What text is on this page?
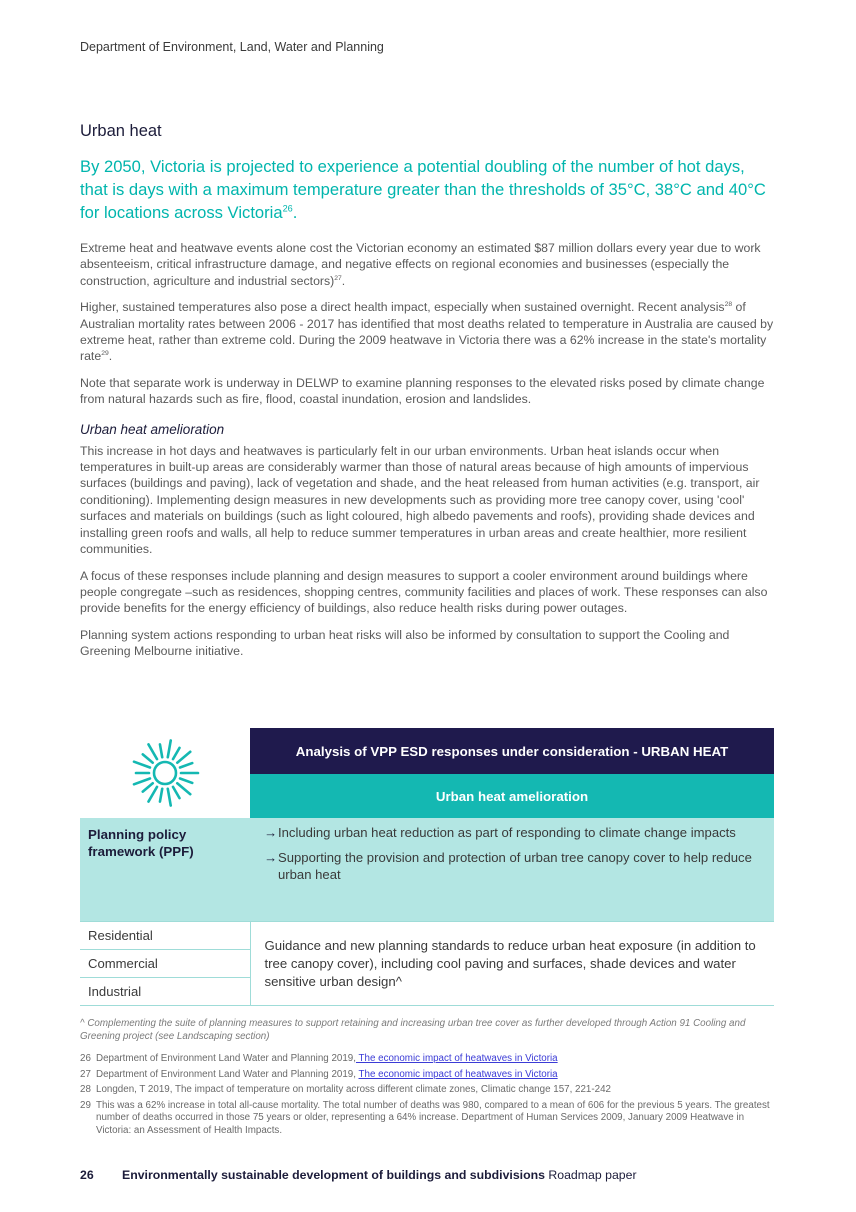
Department of Environment, Land, Water and Planning
Urban heat

By 2050, Victoria is projected to experience a potential doubling of the number of hot days, that is days with a maximum temperature greater than the thresholds of 35°C, 38°C and 40°C for locations across Victoria$^{26}$.

Extreme heat and heatwave events alone cost the Victorian economy an estimated $87 million dollars every year due to work absenteeism, critical infrastructure damage, and negative effects on regional economies and businesses (especially the construction, agriculture and industrial sectors)$^{27}$.

Higher, sustained temperatures also pose a direct health impact, especially when sustained overnight. Recent analysis$^{28}$ of Australian mortality rates between 2006 - 2017 has identified that most deaths related to temperature in Australia are caused by extreme heat, rather than extreme cold. During the 2009 heatwave in Victoria there was a 62% increase in the state's mortality rate$^{29}$.

Note that separate work is underway in DELWP to examine planning responses to the elevated risks posed by climate change from natural hazards such as fire, flood, coastal inundation, erosion and landslides.

Urban heat amelioration

This increase in hot days and heatwaves is particularly felt in our urban environments. Urban heat islands occur when temperatures in built-up areas are considerably warmer than those of natural areas because of high amounts of impervious surfaces (buildings and paving), lack of vegetation and shade, and the heat released from human activities (e.g. transport, air conditioning). Implementing design measures in new developments such as providing more tree canopy cover, using 'cool' surfaces and materials on buildings (such as light coloured, high albedo pavements and roofs), providing shade devices and installing green roofs and walls, all help to reduce summer temperatures in urban areas and create healthier, more resilient communities.

A focus of these responses include planning and design measures to support a cooler environment around buildings where people congregate –such as residences, shopping centres, community facilities and places of work. These responses can also provide benefits for the energy efficiency of buildings, also reduce health risks during power outages.

Planning system actions responding to urban heat risks will also be informed by consultation to support the Cooling and Greening Melbourne initiative.

	Analysis of VPP ESD responses under consideration - URBAN HEAT
	Urban heat amelioration
Planning policy framework (PPF)	→ Including urban heat reduction as part of responding to climate change impacts
→ Supporting the provision and protection of urban tree canopy cover to help reduce urban heat

Residential	Guidance and new planning standards to reduce urban heat exposure (in addition to tree canopy cover), including cool paving and surfaces, shade devices and water sensitive urban design^
Commercial	
Industrial	
^ Complementing the suite of planning measures to support retaining and increasing urban tree cover as further developed through Action 91 Cooling and Greening project (see Landscaping section)
26 Department of Environment Land Water and Planning 2019, The economic impact of heatwaves in Victoria
27 Department of Environment Land Water and Planning 2019, The economic impact of heatwaves in Victoria
28 Longden, T 2019, The impact of temperature on mortality across different climate zones, Climatic change 157, 221-242
29 This was a 62% increase in total all-cause mortality. The total number of deaths was 980, compared to a mean of 606 for the previous 5 years. The greatest number of deaths occurred in those 75 years or older, representing a 64% increase. Department of Human Services 2009, January 2009 Heatwave in Victoria: an Assessment of Health Impacts.
26 Environmentally sustainable development of buildings and subdivisions Roadmap paper
